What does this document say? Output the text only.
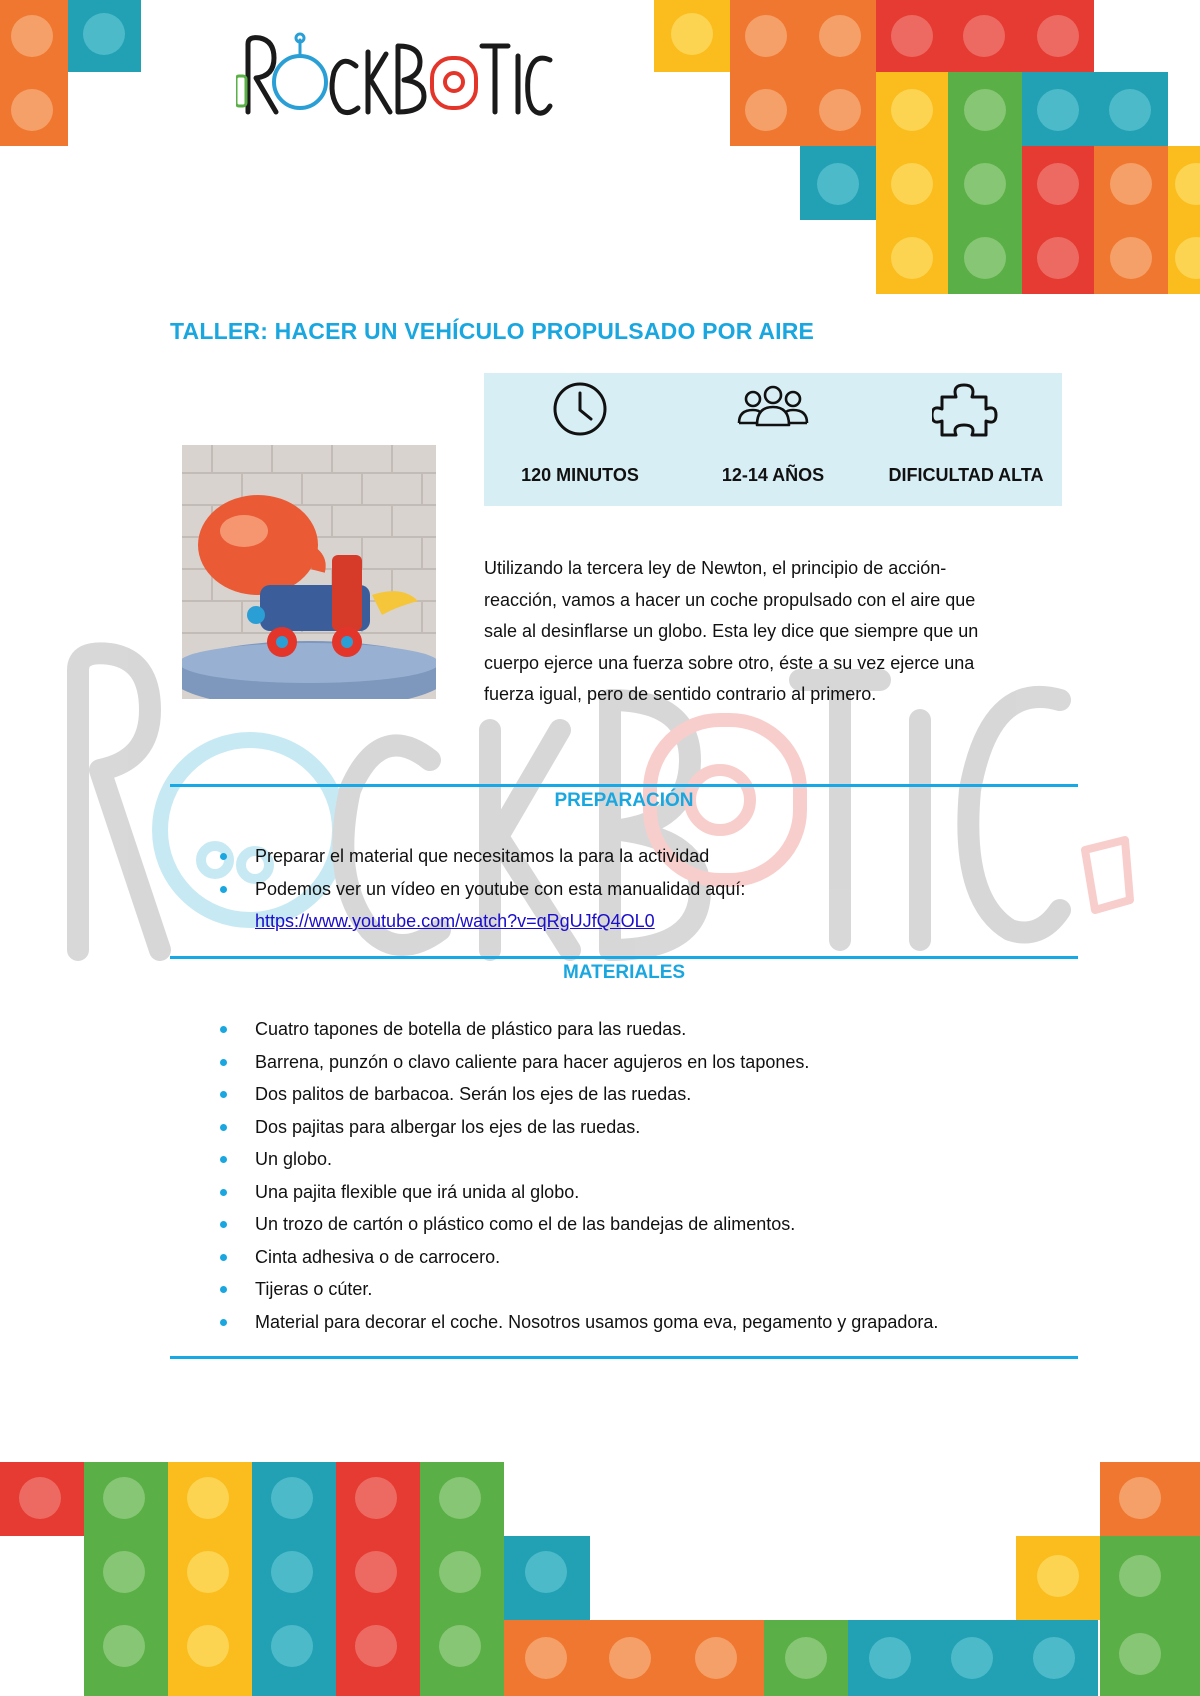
TALLER: HACER UN VEHÍCULO PROPULSADO POR AIRE
120 MINUTOS	12-14 AÑOS	DIFICULTAD ALTA
Utilizando la tercera ley de Newton, el principio de acción-
reacción, vamos a hacer un coche propulsado con el aire que
sale al desinflarse un globo. Esta ley dice que siempre que un
cuerpo ejerce una fuerza sobre otro, éste a su vez ejerce una
fuerza igual, pero de sentido contrario al primero.
PREPARACIÓN
Preparar el material que necesitamos la para la actividad
Podemos ver un vídeo en youtube con esta manualidad aquí:
https://www.youtube.com/watch?v=qRgUJfQ4OL0
MATERIALES
Cuatro tapones de botella de plástico para las ruedas.
Barrena, punzón o clavo caliente para hacer agujeros en los tapones.
Dos palitos de barbacoa. Serán los ejes de las ruedas.
Dos pajitas para albergar los ejes de las ruedas.
Un globo.
Una pajita flexible que irá unida al globo.
Un trozo de cartón o plástico como el de las bandejas de alimentos.
Cinta adhesiva o de carrocero.
Tijeras o cúter.
Material para decorar el coche. Nosotros usamos goma eva, pegamento y grapadora.
